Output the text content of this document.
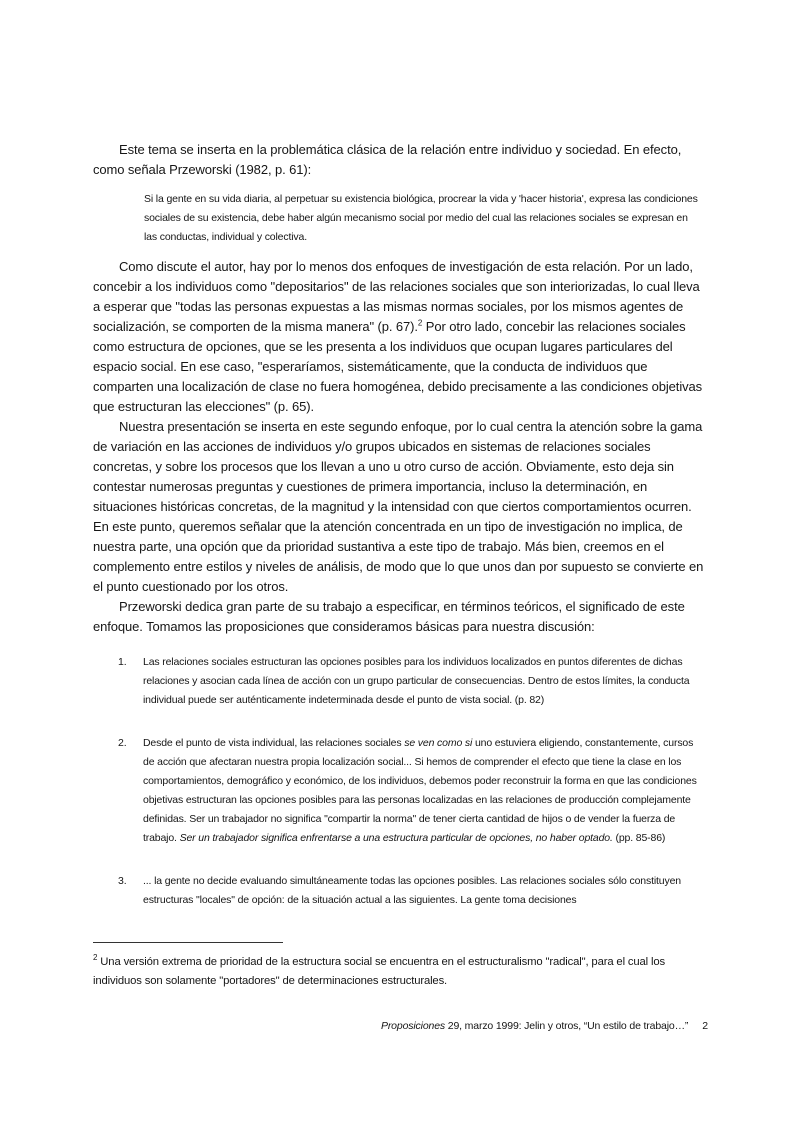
Este tema se inserta en la problemática clásica de la relación entre individuo y sociedad. En efecto, como señala Przeworski (1982, p. 61):

Si la gente en su vida diaria, al perpetuar su existencia biológica, procrear la vida y 'hacer historia', expresa las condiciones sociales de su existencia, debe haber algún mecanismo social por medio del cual las relaciones sociales se expresan en las conductas, individual y colectiva.

Como discute el autor, hay por lo menos dos enfoques de investigación de esta relación. Por un lado, concebir a los individuos como "depositarios" de las relaciones sociales que son interiorizadas, lo cual lleva a esperar que "todas las personas expuestas a las mismas normas sociales, por los mismos agentes de socialización, se comporten de la misma manera" (p. 67).$^2$ Por otro lado, concebir las relaciones sociales como estructura de opciones, que se les presenta a los individuos que ocupan lugares particulares del espacio social. En ese caso, "esperaríamos, sistemáticamente, que la conducta de individuos que comparten una localización de clase no fuera homogénea, debido precisamente a las condiciones objetivas que estructuran las elecciones" (p. 65).

Nuestra presentación se inserta en este segundo enfoque, por lo cual centra la atención sobre la gama de variación en las acciones de individuos y/o grupos ubicados en sistemas de relaciones sociales concretas, y sobre los procesos que los llevan a uno u otro curso de acción. Obviamente, esto deja sin contestar numerosas preguntas y cuestiones de primera importancia, incluso la determinación, en situaciones históricas concretas, de la magnitud y la intensidad con que ciertos comportamientos ocurren. En este punto, queremos señalar que la atención concentrada en un tipo de investigación no implica, de nuestra parte, una opción que da prioridad sustantiva a este tipo de trabajo. Más bien, creemos en el complemento entre estilos y niveles de análisis, de modo que lo que unos dan por supuesto se convierte en el punto cuestionado por los otros.

Przeworski dedica gran parte de su trabajo a especificar, en términos teóricos, el significado de este enfoque. Tomamos las proposiciones que consideramos básicas para nuestra discusión:

1. Las relaciones sociales estructuran las opciones posibles para los individuos localizados en puntos diferentes de dichas relaciones y asocian cada línea de acción con un grupo particular de consecuencias. Dentro de estos límites, la conducta individual puede ser auténticamente indeterminada desde el punto de vista social. (p. 82)
2. Desde el punto de vista individual, las relaciones sociales se ven como si uno estuviera eligiendo, constantemente, cursos de acción que afectaran nuestra propia localización social... Si hemos de comprender el efecto que tiene la clase en los comportamientos, demográfico y económico, de los individuos, debemos poder reconstruir la forma en que las condiciones objetivas estructuran las opciones posibles para las personas localizadas en las relaciones de producción complejamente definidas. Ser un trabajador no significa "compartir la norma" de tener cierta cantidad de hijos o de vender la fuerza de trabajo. Ser un trabajador significa enfrentarse a una estructura particular de opciones, no haber optado. (pp. 85-86)
3. ... la gente no decide evaluando simultáneamente todas las opciones posibles. Las relaciones sociales sólo constituyen estructuras "locales" de opción: de la situación actual a las siguientes. La gente toma decisiones
$^2$ Una versión extrema de prioridad de la estructura social se encuentra en el estructuralismo "radical", para el cual los individuos son solamente "portadores" de determinaciones estructurales.
Proposiciones 29, marzo 1999: Jelin y otros, “Un estilo de trabajo…” 2
